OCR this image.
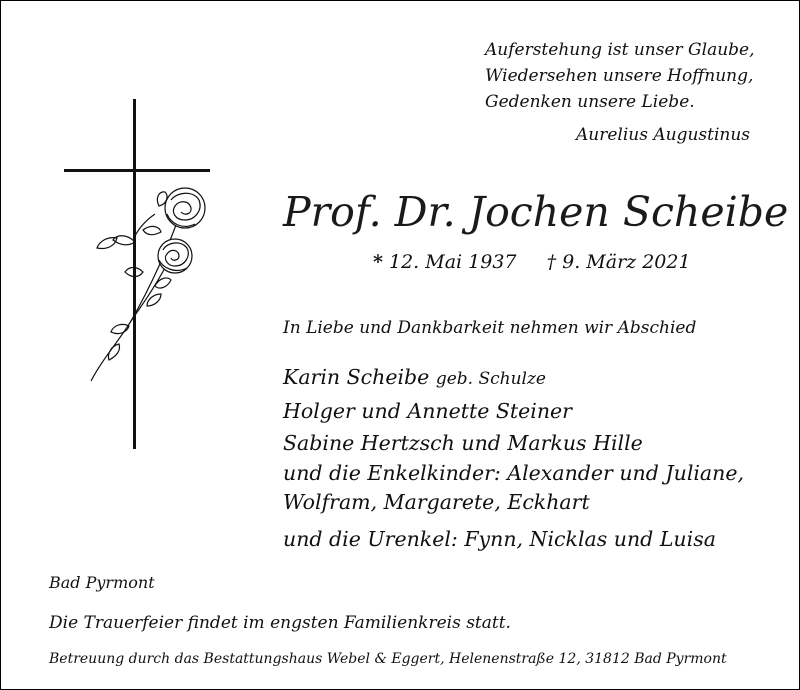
Auferstehung ist unser Glaube,
Wiedersehen unsere Hoffnung,
Gedenken unsere Liebe.
Aurelius Augustinus
Prof. Dr. Jochen Scheibe
* 12. Mai 1937 † 9. März 2021
In Liebe und Dankbarkeit nehmen wir Abschied
Karin Scheibe geb. Schulze
Holger und Annette Steiner
Sabine Hertzsch und Markus Hille
und die Enkelkinder: Alexander und Juliane,
Wolfram, Margarete, Eckhart
und die Urenkel: Fynn, Nicklas und Luisa
Bad Pyrmont
Die Trauerfeier findet im engsten Familienkreis statt.
Betreuung durch das Bestattungshaus Webel & Eggert, Helenenstraße 12, 31812 Bad Pyrmont
